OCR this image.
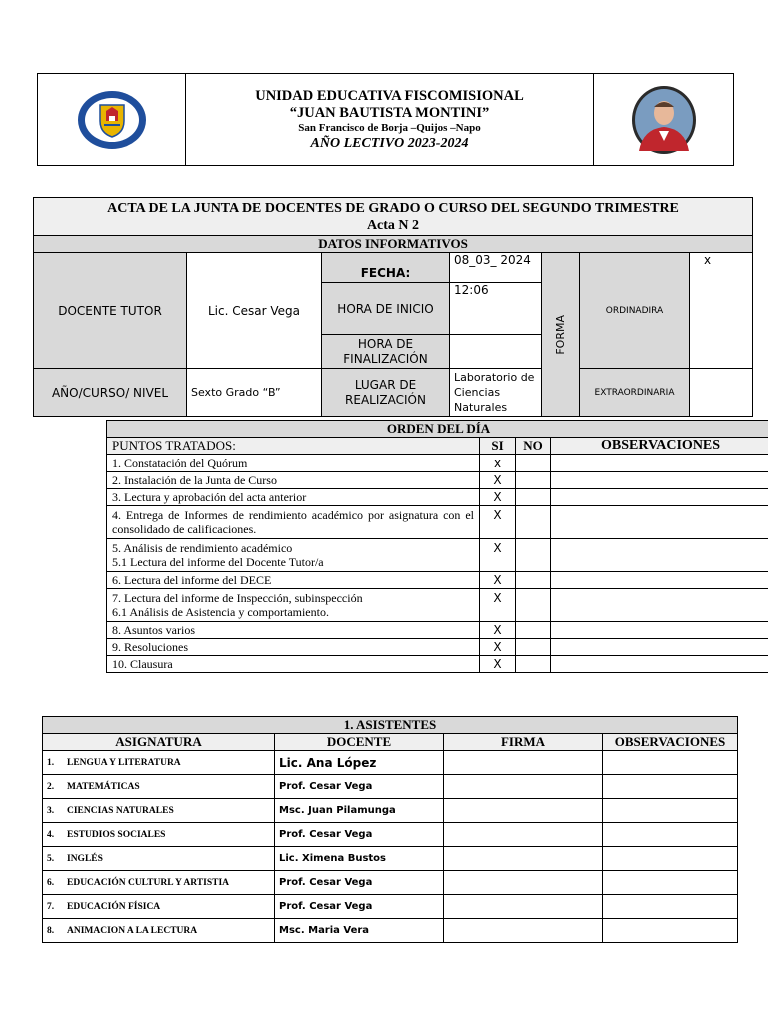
UNIDAD EDUCATIVA FISCOMISIONAL
“JUAN BAUTISTA MONTINI”
San Francisco de Borja –Quijos –Napo
AÑO LECTIVO 2023-2024

ACTA DE LA JUNTA DE DOCENTES DE GRADO O CURSO DEL SEGUNDO TRIMESTRE
Acta N 2						

DATOS INFORMATIVOS						
DOCENTE TUTOR	Lic. Cesar Vega	FECHA:	08_03_ 2024	FORMA	ORDINADIRA	x
		HORA DE INICIO	12:06			
		HORA DE FINALIZACIÓN				
AÑO/CURSO/ NIVEL	Sexto Grado “B”	LUGAR DE REALIZACIÓN	Laboratorio de Ciencias Naturales		EXTRAORDINARIA	
ORDEN DEL DÍA			
PUNTOS TRATADOS:	SI	NO	OBSERVACIONES
1. Constatación del Quórum	x		
2. Instalación de la Junta de Curso	X		
3. Lectura y aprobación del acta anterior	X		
4. Entrega de Informes de rendimiento académico por asignatura con el consolidado de calificaciones.	X		
5. Análisis de rendimiento académico
5.1 Lectura del informe del Docente Tutor/a	X		
6. Lectura del informe del DECE	X		
7. Lectura del informe de Inspección, subinspección
6.1 Análisis de Asistencia y comportamiento.	X		
8. Asuntos varios	X		
9. Resoluciones	X		
10. Clausura	X		
1. ASISTENTES			
ASIGNATURA	DOCENTE	FIRMA	OBSERVACIONES
1. LENGUA Y LITERATURA	Lic. Ana López		
2. MATEMÁTICAS	Prof. Cesar Vega		
3. CIENCIAS NATURALES	Msc. Juan Pilamunga		
4. ESTUDIOS SOCIALES	Prof. Cesar Vega		
5. INGLÉS	Lic. Ximena Bustos		
6. EDUCACIÓN CULTURL Y ARTISTIA	Prof. Cesar Vega		
7. EDUCACIÓN FÍSICA	Prof. Cesar Vega		
8. ANIMACION A LA LECTURA	Msc. Maria Vera		
